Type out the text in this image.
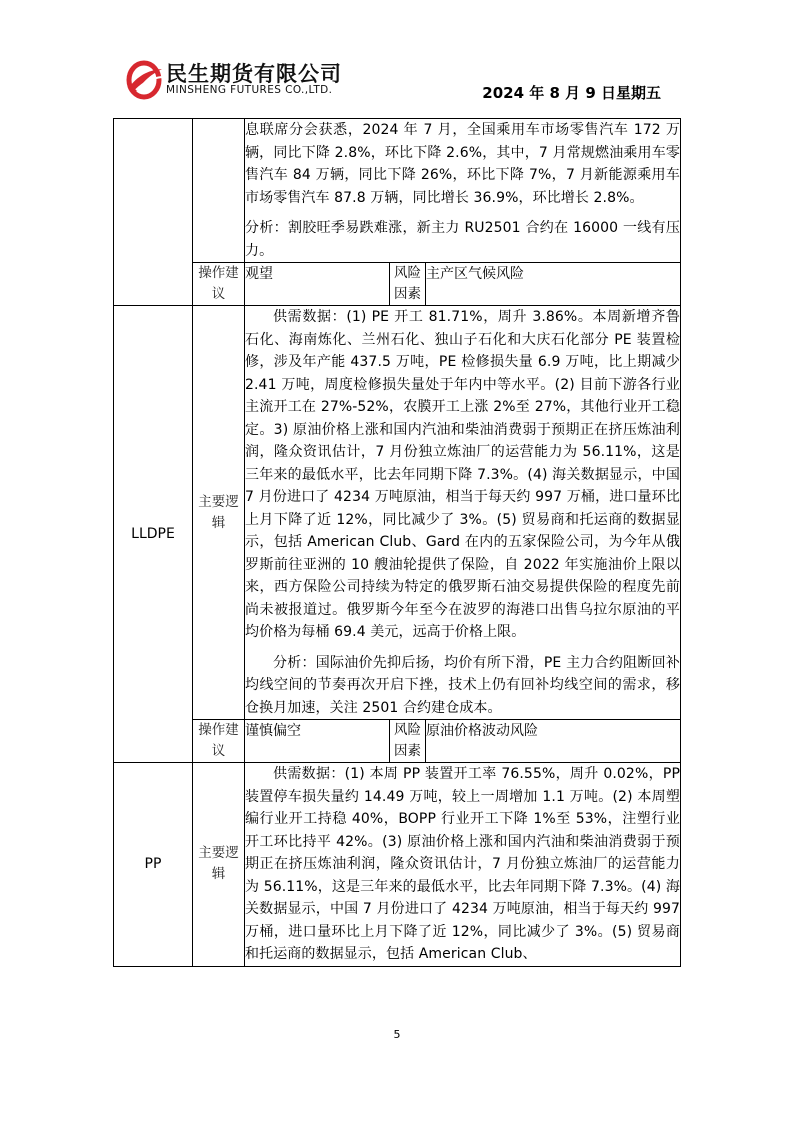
民生期货有限公司
MINSHENG FUTURES CO.,LTD.	2024 年 8 月 9 日星期五

		息联席分会获悉，2024 年 7 月，全国乘用车市场零售汽车 172 万辆，同比下降 2.8%，环比下降 2.6%，其中，7 月常规燃油乘用车零售汽车 84 万辆，同比下降 26%，环比下降 7%，7 月新能源乘用车市场零售汽车 87.8 万辆，同比增长 36.9%，环比增长 2.8%。

分析：割胶旺季易跌难涨，新主力 RU2501 合约在 16000 一线有压力。		

	操作建议	观望	风险因素	主产区气候风险
LLDPE	主要逻辑	供需数据：(1) PE 开工 81.71%，周升 3.86%。本周新增齐鲁石化、海南炼化、兰州石化、独山子石化和大庆石化部分 PE 装置检修，涉及年产能 437.5 万吨，PE 检修损失量 6.9 万吨，比上期减少 2.41 万吨，周度检修损失量处于年内中等水平。(2) 目前下游各行业主流开工在 27%-52%，农膜开工上涨 2%至 27%，其他行业开工稳定。3) 原油价格上涨和国内汽油和柴油消费弱于预期正在挤压炼油利润，隆众资讯估计，7 月份独立炼油厂的运营能力为 56.11%，这是三年来的最低水平，比去年同期下降 7.3%。(4) 海关数据显示，中国 7 月份进口了 4234 万吨原油，相当于每天约 997 万桶，进口量环比上月下降了近 12%，同比减少了 3%。(5) 贸易商和托运商的数据显示，包括 American Club、Gard 在内的五家保险公司，为今年从俄罗斯前往亚洲的 10 艘油轮提供了保险，自 2022 年实施油价上限以来，西方保险公司持续为特定的俄罗斯石油交易提供保险的程度先前尚未被报道过。俄罗斯今年至今在波罗的海港口出售乌拉尔原油的平均价格为每桶 69.4 美元，远高于价格上限。

分析：国际油价先抑后扬，均价有所下滑，PE 主力合约阻断回补均线空间的节奏再次开启下挫，技术上仍有回补均线空间的需求，移仓换月加速，关注 2501 合约建仓成本。		

	操作建议	谨慎偏空	风险因素	原油价格波动风险
PP	主要逻辑	供需数据：(1) 本周 PP 装置开工率 76.55%，周升 0.02%，PP 装置停车损失量约 14.49 万吨，较上一周增加 1.1 万吨。(2) 本周塑编行业开工持稳 40%，BOPP 行业开工下降 1%至 53%，注塑行业开工环比持平 42%。(3) 原油价格上涨和国内汽油和柴油消费弱于预期正在挤压炼油利润，隆众资讯估计，7 月份独立炼油厂的运营能力为 56.11%，这是三年来的最低水平，比去年同期下降 7.3%。(4) 海关数据显示，中国 7 月份进口了 4234 万吨原油，相当于每天约 997 万桶，进口量环比上月下降了近 12%，同比减少了 3%。(5) 贸易商和托运商的数据显示，包括 American Club、		

5
